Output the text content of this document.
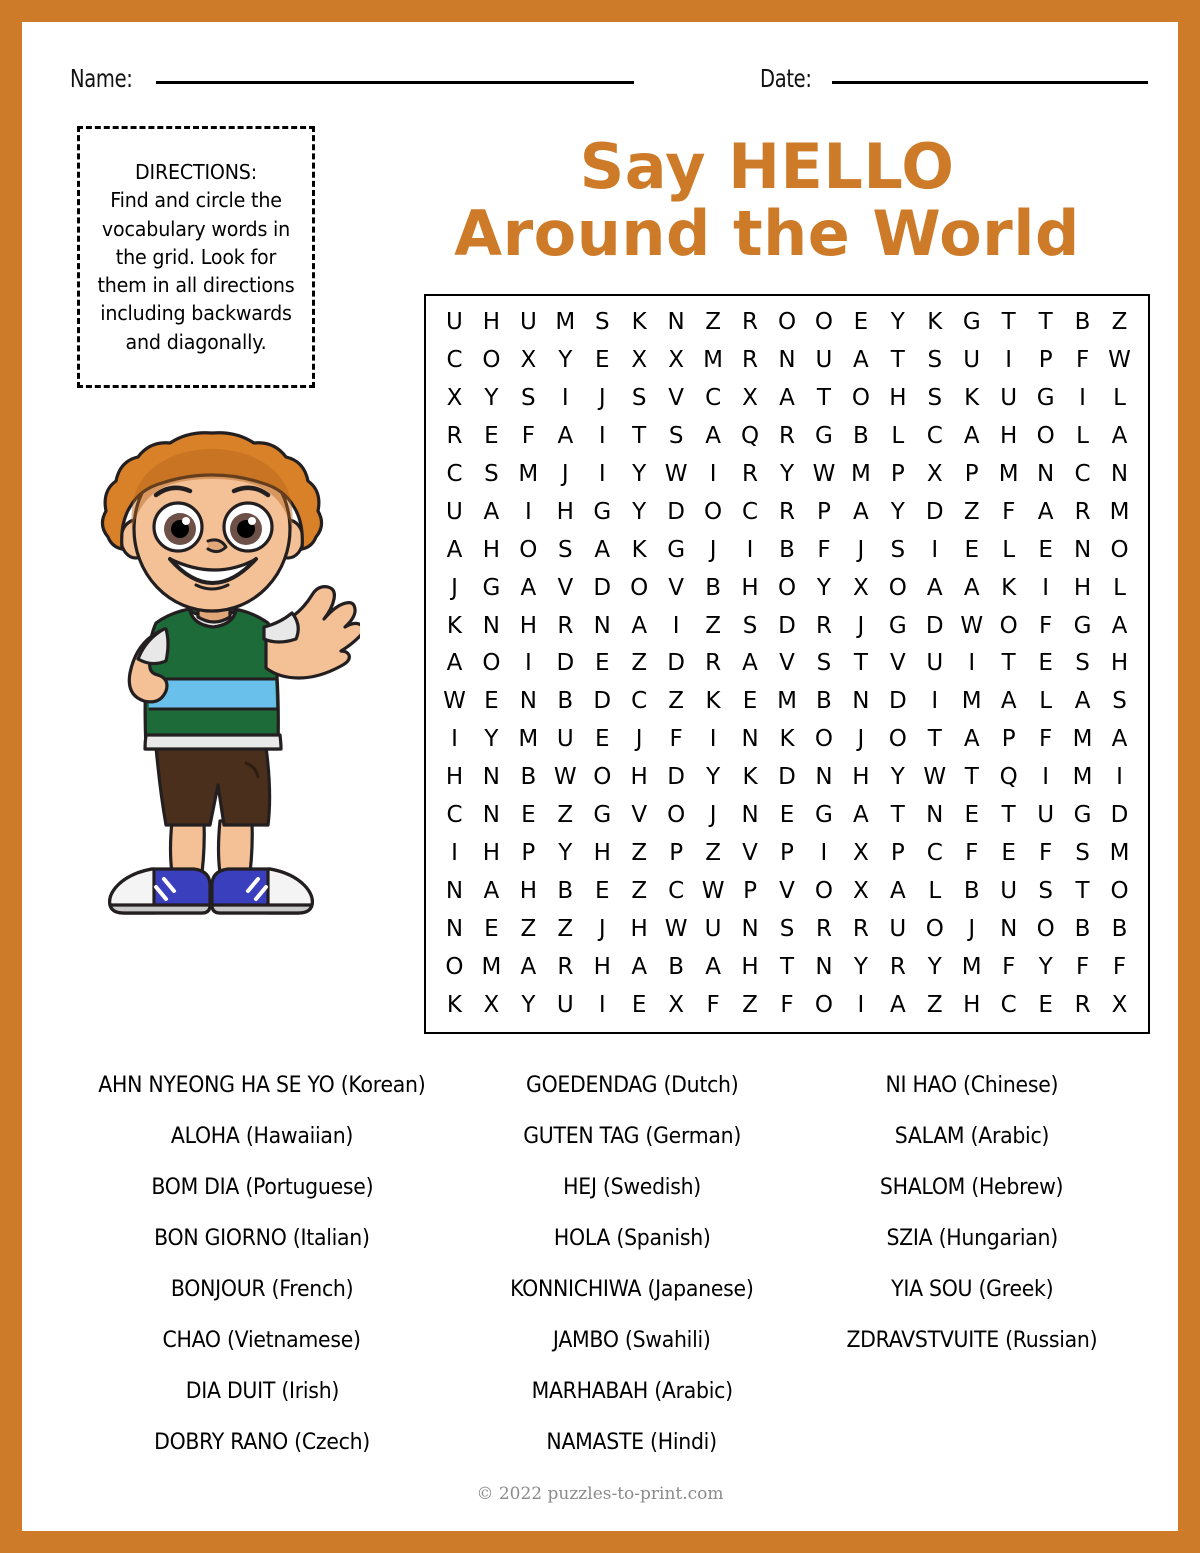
Name:	Date:
DIRECTIONS:
Find and circle the vocabulary words in the grid. Look for them in all directions including backwards and diagonally.
Say HELLO
Around the World
U H U M S K N Z R O O E Y K G T T B Z
C O X Y E X X M R N U A T S U I P F W
X Y S I J S V C X A T O H S K U G I L
R E F A I T S A Q R G B L C A H O L A
C S M J I Y W I R Y W M P X P M N C N
U A I H G Y D O C R P A Y D Z F A R M
A H O S A K G J I B F J S I E L E N O
J G A V D O V B H O Y X O A A K I H L
K N H R N A I Z S D R J G D W O F G A
A O I D E Z D R A V S T V U I T E S H
W E N B D C Z K E M B N D I M A L A S
I Y M U E J F I N K O J O T A P F M A
H N B W O H D Y K D N H Y W T Q I M I
C N E Z G V O J N E G A T N E T U G D
I H P Y H Z P Z V P I X P C F E F S M
N A H B E Z C W P V O X A L B U S T O
N E Z Z J H W U N S R R U O J N O B B
O M A R H A B A H T N Y R Y M F Y F F
K X Y U I E X F Z F O I A Z H C E R X
AHN NYEONG HA SE YO (Korean)
ALOHA (Hawaiian)
BOM DIA (Portuguese)
BON GIORNO (Italian)
BONJOUR (French)
CHAO (Vietnamese)
DIA DUIT (Irish)
DOBRY RANO (Czech)
GOEDENDAG (Dutch)
GUTEN TAG (German)
HEJ (Swedish)
HOLA (Spanish)
KONNICHIWA (Japanese)
JAMBO (Swahili)
MARHABAH (Arabic)
NAMASTE (Hindi)
NI HAO (Chinese)
SALAM (Arabic)
SHALOM (Hebrew)
SZIA (Hungarian)
YIA SOU (Greek)
ZDRAVSTVUITE (Russian)
© 2022 puzzles-to-print.com
